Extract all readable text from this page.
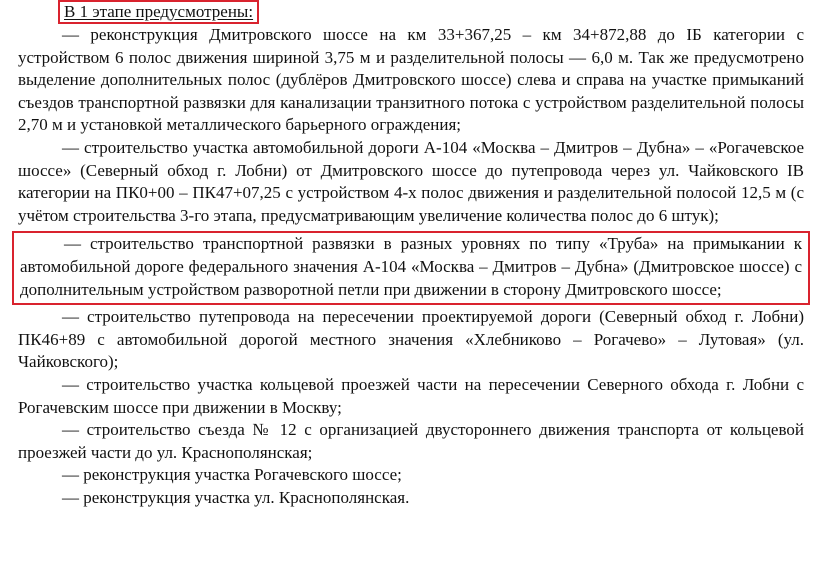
В 1 этапе предусмотрены:

— реконструкция Дмитровского шоссе на км 33+367,25 – км 34+872,88 до IБ категории с устройством 6 полос движения шириной 3,75 м и разделительной полосы — 6,0 м. Так же предусмотрено выделение дополнительных полос (дублёров Дмитровского шоссе) слева и справа на участке примыканий съездов транспортной развязки для канализации транзитного потока с устройством разделительной полосы 2,70 м и установкой металлического барьерного ограждения;

— строительство участка автомобильной дороги А-104 «Москва – Дмитров – Дубна» – «Рогачевское шоссе» (Северный обход г. Лобни) от Дмитровского шоссе до путепровода через ул. Чайковского IВ категории на ПК0+00 – ПК47+07,25 с устройством 4-х полос движения и разделительной полосой 12,5 м (с учётом строительства 3-го этапа, предусматривающим увеличение количества полос до 6 штук);

— строительство транспортной развязки в разных уровнях по типу «Труба» на примыкании к автомобильной дороге федерального значения А-104 «Москва – Дмитров – Дубна» (Дмитровское шоссе) с дополнительным устройством разворотной петли при движении в сторону Дмитровского шоссе;

— строительство путепровода на пересечении проектируемой дороги (Северный обход г. Лобни) ПК46+89 с автомобильной дорогой местного значения «Хлебниково – Рогачево» – Лутовая» (ул. Чайковского);

— строительство участка кольцевой проезжей части на пересечении Северного обхода г. Лобни с Рогачевским шоссе при движении в Москву;

— строительство съезда № 12 с организацией двустороннего движения транспорта от кольцевой проезжей части до ул. Краснополянская;

— реконструкция участка Рогачевского шоссе;

— реконструкция участка ул. Краснополянская.
